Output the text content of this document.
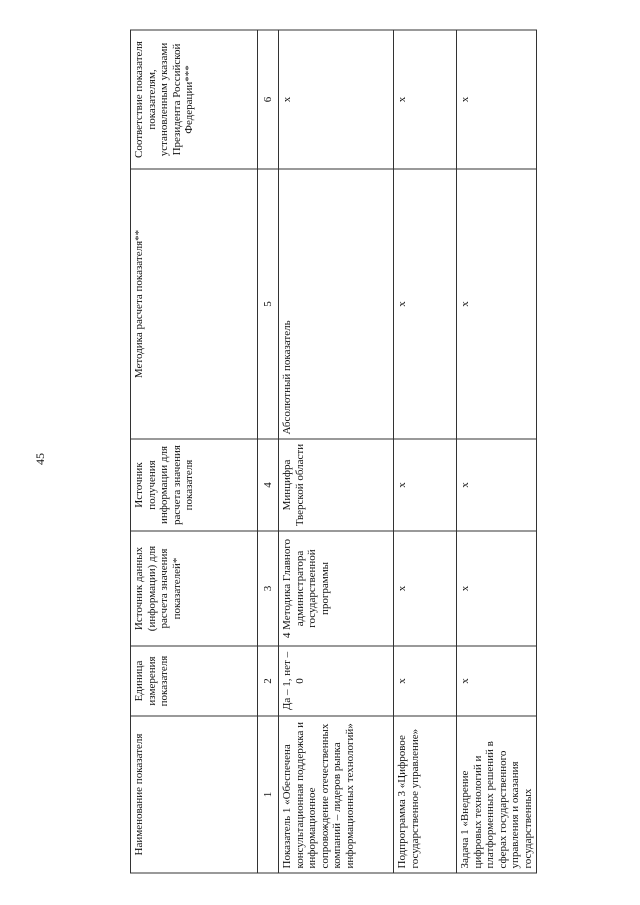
45
Наименование показателя	Единица измерения показателя	Источник данных (информации) для расчета значения показателей*	Источник получения информации для расчета значения показателя	Методика расчета показателя**	Соответствие показателя показателям, установленным указами Президента Российской Федерации***
1	2	3	4	5	6
Показатель 1 «Обеспечена консультационная поддержка и информационное сопровождение отечественных компаний – лидеров рынка информационных технологий»	Да – 1, нет – 0	4 Методика Главного администратора государственной программы	Минцифра Тверской области	Абсолютный показатель	x
Подпрограмма 3 «Цифровое государственное управление»	x	x	x	x	x
Задача 1 «Внедрение цифровых технологий и платформенных решений в сферах государственного управления и оказания государственных	x	x	x	x	x
